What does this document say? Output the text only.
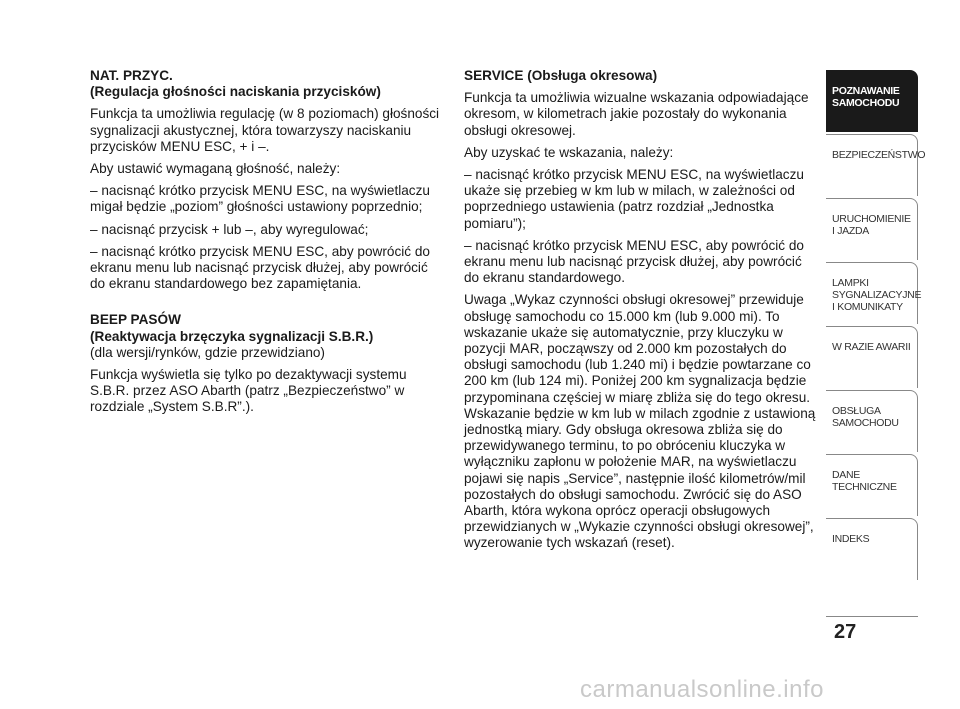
NAT. PRZYC.

(Regulacja głośności naciskania przycisków)

Funkcja ta umożliwia regulację (w 8 poziomach) głośności sygnalizacji akustycznej, która towarzyszy naciskaniu przycisków MENU ESC, + i –.

Aby ustawić wymaganą głośność, należy:

– nacisnąć krótko przycisk MENU ESC, na wyświetlaczu migał będzie „poziom” głośności ustawiony poprzednio;

– nacisnąć przycisk + lub –, aby wyregulować;

– nacisnąć krótko przycisk MENU ESC, aby powrócić do ekranu menu lub nacisnąć przycisk dłużej, aby powrócić do ekranu standardowego bez zapamiętania.

BEEP PASÓW
(Reaktywacja brzęczyka sygnalizacji S.B.R.)

(dla wersji/rynków, gdzie przewidziano)

Funkcja wyświetla się tylko po dezaktywacji systemu S.B.R. przez ASO Abarth (patrz „Bezpieczeństwo” w rozdziale „System S.B.R”.).

SERVICE (Obsługa okresowa)

Funkcja ta umożliwia wizualne wskazania odpowiadające okresom, w kilometrach jakie pozostały do wykonania obsługi okresowej.

Aby uzyskać te wskazania, należy:

– nacisnąć krótko przycisk MENU ESC, na wyświetlaczu ukaże się przebieg w km lub w milach, w zależności od poprzedniego ustawienia (patrz rozdział „Jednostka pomiaru”);

– nacisnąć krótko przycisk MENU ESC, aby powrócić do ekranu menu lub nacisnąć przycisk dłużej, aby powrócić do ekranu standardowego.

Uwaga „Wykaz czynności obsługi okresowej” przewiduje obsługę samochodu co 15.000 km (lub 9.000 mi). To wskazanie ukaże się automatycznie, przy kluczyku w pozycji MAR, począwszy od 2.000 km pozostałych do obsługi samochodu (lub 1.240 mi) i będzie powtarzane co 200 km (lub 124 mi). Poniżej 200 km sygnalizacja będzie przypominana częściej w miarę zbliża się do tego okresu. Wskazanie będzie w km lub w milach zgodnie z ustawioną jednostką miary. Gdy obsługa okresowa zbliża się do przewidywanego terminu, to po obróceniu kluczyka w wyłączniku zapłonu w położenie MAR, na wyświetlaczu pojawi się napis „Service”, następnie ilość kilometrów/mil pozostałych do obsługi samochodu. Zwrócić się do ASO Abarth, która wykona oprócz operacji obsługowych przewidzianych w „Wykazie czynności obsługi okresowej”, wyzerowanie tych wskazań (reset).

POZNAWANIE
SAMOCHODU
BEZPIECZEŃSTWO
URUCHOMIENIE
I JAZDA
LAMPKI
SYGNALIZACYJNE
I KOMUNIKATY
W RAZIE AWARII
OBSŁUGA
SAMOCHODU
DANE
TECHNICZNE
INDEKS
27
carmanualsonline.info
